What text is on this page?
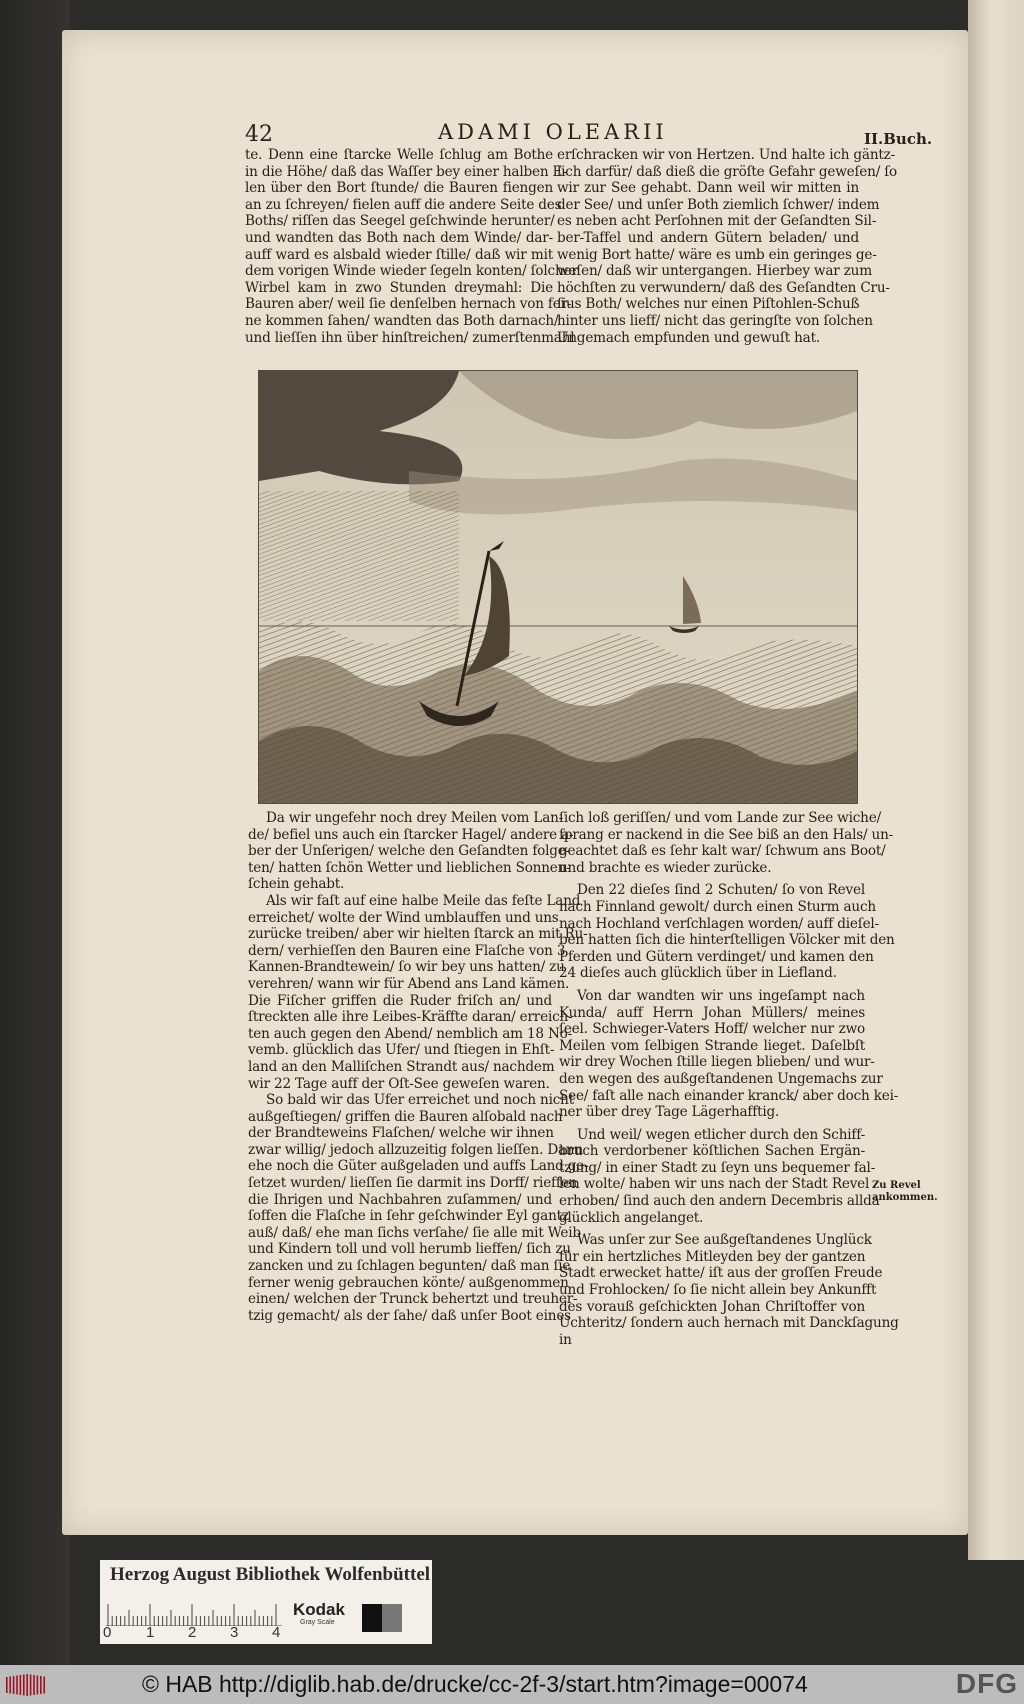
42	ADAMI OLEARII	II.Buch.
te. Denn eine ſtarcke Welle ſchlug am Bothe
in die Höhe/ daß das Waſſer bey einer halben E-
len über den Bort ſtunde/ die Bauren fiengen
an zu ſchreyen/ fielen auff die andere Seite des
Boths/ riſſen das Seegel geſchwinde herunter/
und wandten das Both nach dem Winde/ dar-
auff ward es alsbald wieder ſtille/ daß wir mit
dem vorigen Winde wieder ſegeln konten/ ſolcher
Wirbel kam in zwo Stunden dreymahl: Die
Bauren aber/ weil ſie denſelben hernach von fer-
ne kommen ſahen/ wandten das Both darnach/
und lieſſen ihn über hinſtreichen/ zumerſtenmahl
erſchracken wir von Hertzen. Und halte ich gäntz-
lich darfür/ daß dieß die gröſte Gefahr geweſen/ ſo
wir zur See gehabt. Dann weil wir mitten in
der See/ und unſer Both ziemlich ſchwer/ indem
es neben acht Perſohnen mit der Geſandten Sil-
ber-Taffel und andern Gütern beladen/ und
wenig Bort hatte/ wäre es umb ein geringes ge-
weſen/ daß wir untergangen. Hierbey war zum
höchſten zu verwundern/ daß des Geſandten Cru-
ſius Both/ welches nur einen Piſtohlen-Schuß
hinter uns lieff/ nicht das geringſte von ſolchen
Ungemach empfunden und gewuſt hat.
Da wir ungefehr noch drey Meilen vom Lan-
de/ befiel uns auch ein ſtarcker Hagel/ andere a-
ber der Unſerigen/ welche den Geſandten folge-
ten/ hatten ſchön Wetter und lieblichen Sonnen-
ſchein gehabt.
Als wir faſt auf eine halbe Meile das feſte Land
erreichet/ wolte der Wind umblauffen und uns
zurücke treiben/ aber wir hielten ſtarck an mit Ru-
dern/ verhieſſen den Bauren eine Flaſche von 3
Kannen-Brandtewein/ ſo wir bey uns hatten/ zu
verehren/ wann wir für Abend ans Land kämen.
Die Fiſcher griffen die Ruder friſch an/ und
ſtreckten alle ihre Leibes-Kräffte daran/ erreich-
ten auch gegen den Abend/ nemblich am 18 No-
vemb. glücklich das Ufer/ und ſtiegen in Ehſt-
land an den Malliſchen Strandt aus/ nachdem
wir 22 Tage auff der Oſt-See geweſen waren.
So bald wir das Ufer erreichet und noch nicht
außgeſtiegen/ griffen die Bauren alſobald nach
der Brandteweins Flaſchen/ welche wir ihnen
zwar willig/ jedoch allzuzeitig folgen lieſſen. Dann
ehe noch die Güter außgeladen und auffs Land ge-
ſetzet wurden/ lieſſen ſie darmit ins Dorff/ rieffen
die Ihrigen und Nachbahren zuſammen/ und
ſoffen die Flaſche in ſehr geſchwinder Eyl gantz
auß/ daß/ ehe man ſichs verſahe/ ſie alle mit Weib
und Kindern toll und voll herumb lieffen/ ſich zu
zancken und zu ſchlagen begunten/ daß man ſie
ferner wenig gebrauchen könte/ außgenommen
einen/ welchen der Trunck behertzt und treuher-
tzig gemacht/ als der ſahe/ daß unſer Boot eines
ſich loß geriſſen/ und vom Lande zur See wiche/
ſprang er nackend in die See biß an den Hals/ un-
geachtet daß es ſehr kalt war/ ſchwum ans Boot/
und brachte es wieder zurücke.
Den 22 dieſes ſind 2 Schuten/ ſo von Revel
nach Finnland gewolt/ durch einen Sturm auch
nach Hochland verſchlagen worden/ auff dieſel-
ben hatten ſich die hinterſtelligen Völcker mit den
Pferden und Gütern verdinget/ und kamen den
24 dieſes auch glücklich über in Liefland.
Von dar wandten wir uns ingeſampt nach
Kunda/ auff Herrn Johan Müllers/ meines
ſeel. Schwieger-Vaters Hoff/ welcher nur zwo
Meilen vom ſelbigen Strande lieget. Daſelbſt
wir drey Wochen ſtille liegen blieben/ und wur-
den wegen des außgeſtandenen Ungemachs zur
See/ faſt alle nach einander kranck/ aber doch kei-
ner über drey Tage Lägerhafftig.
Und weil/ wegen etlicher durch den Schiff-
bruch verdorbener köſtlichen Sachen Ergän-
tzung/ in einer Stadt zu ſeyn uns bequemer fal-
len wolte/ haben wir uns nach der Stadt Revel
erhoben/ ſind auch den andern Decembris allda
glücklich angelanget.
Was unſer zur See außgeſtandenes Unglück
für ein hertzliches Mitleyden bey der gantzen
Stadt erwecket hatte/ iſt aus der groſſen Freude
und Frohlocken/ ſo ſie nicht allein bey Ankunfft
des vorauß geſchickten Johan Chriſtoffer von
Uchteritz/ ſondern auch hernach mit Danckſagung
in
Zu Revel
ankommen.
Herzog August Bibliothek Wolfenbüttel
0 1 2 3 4
Kodak
Gray Scale
© HAB http://diglib.hab.de/drucke/cc-2f-3/start.htm?image=00074	DFG
